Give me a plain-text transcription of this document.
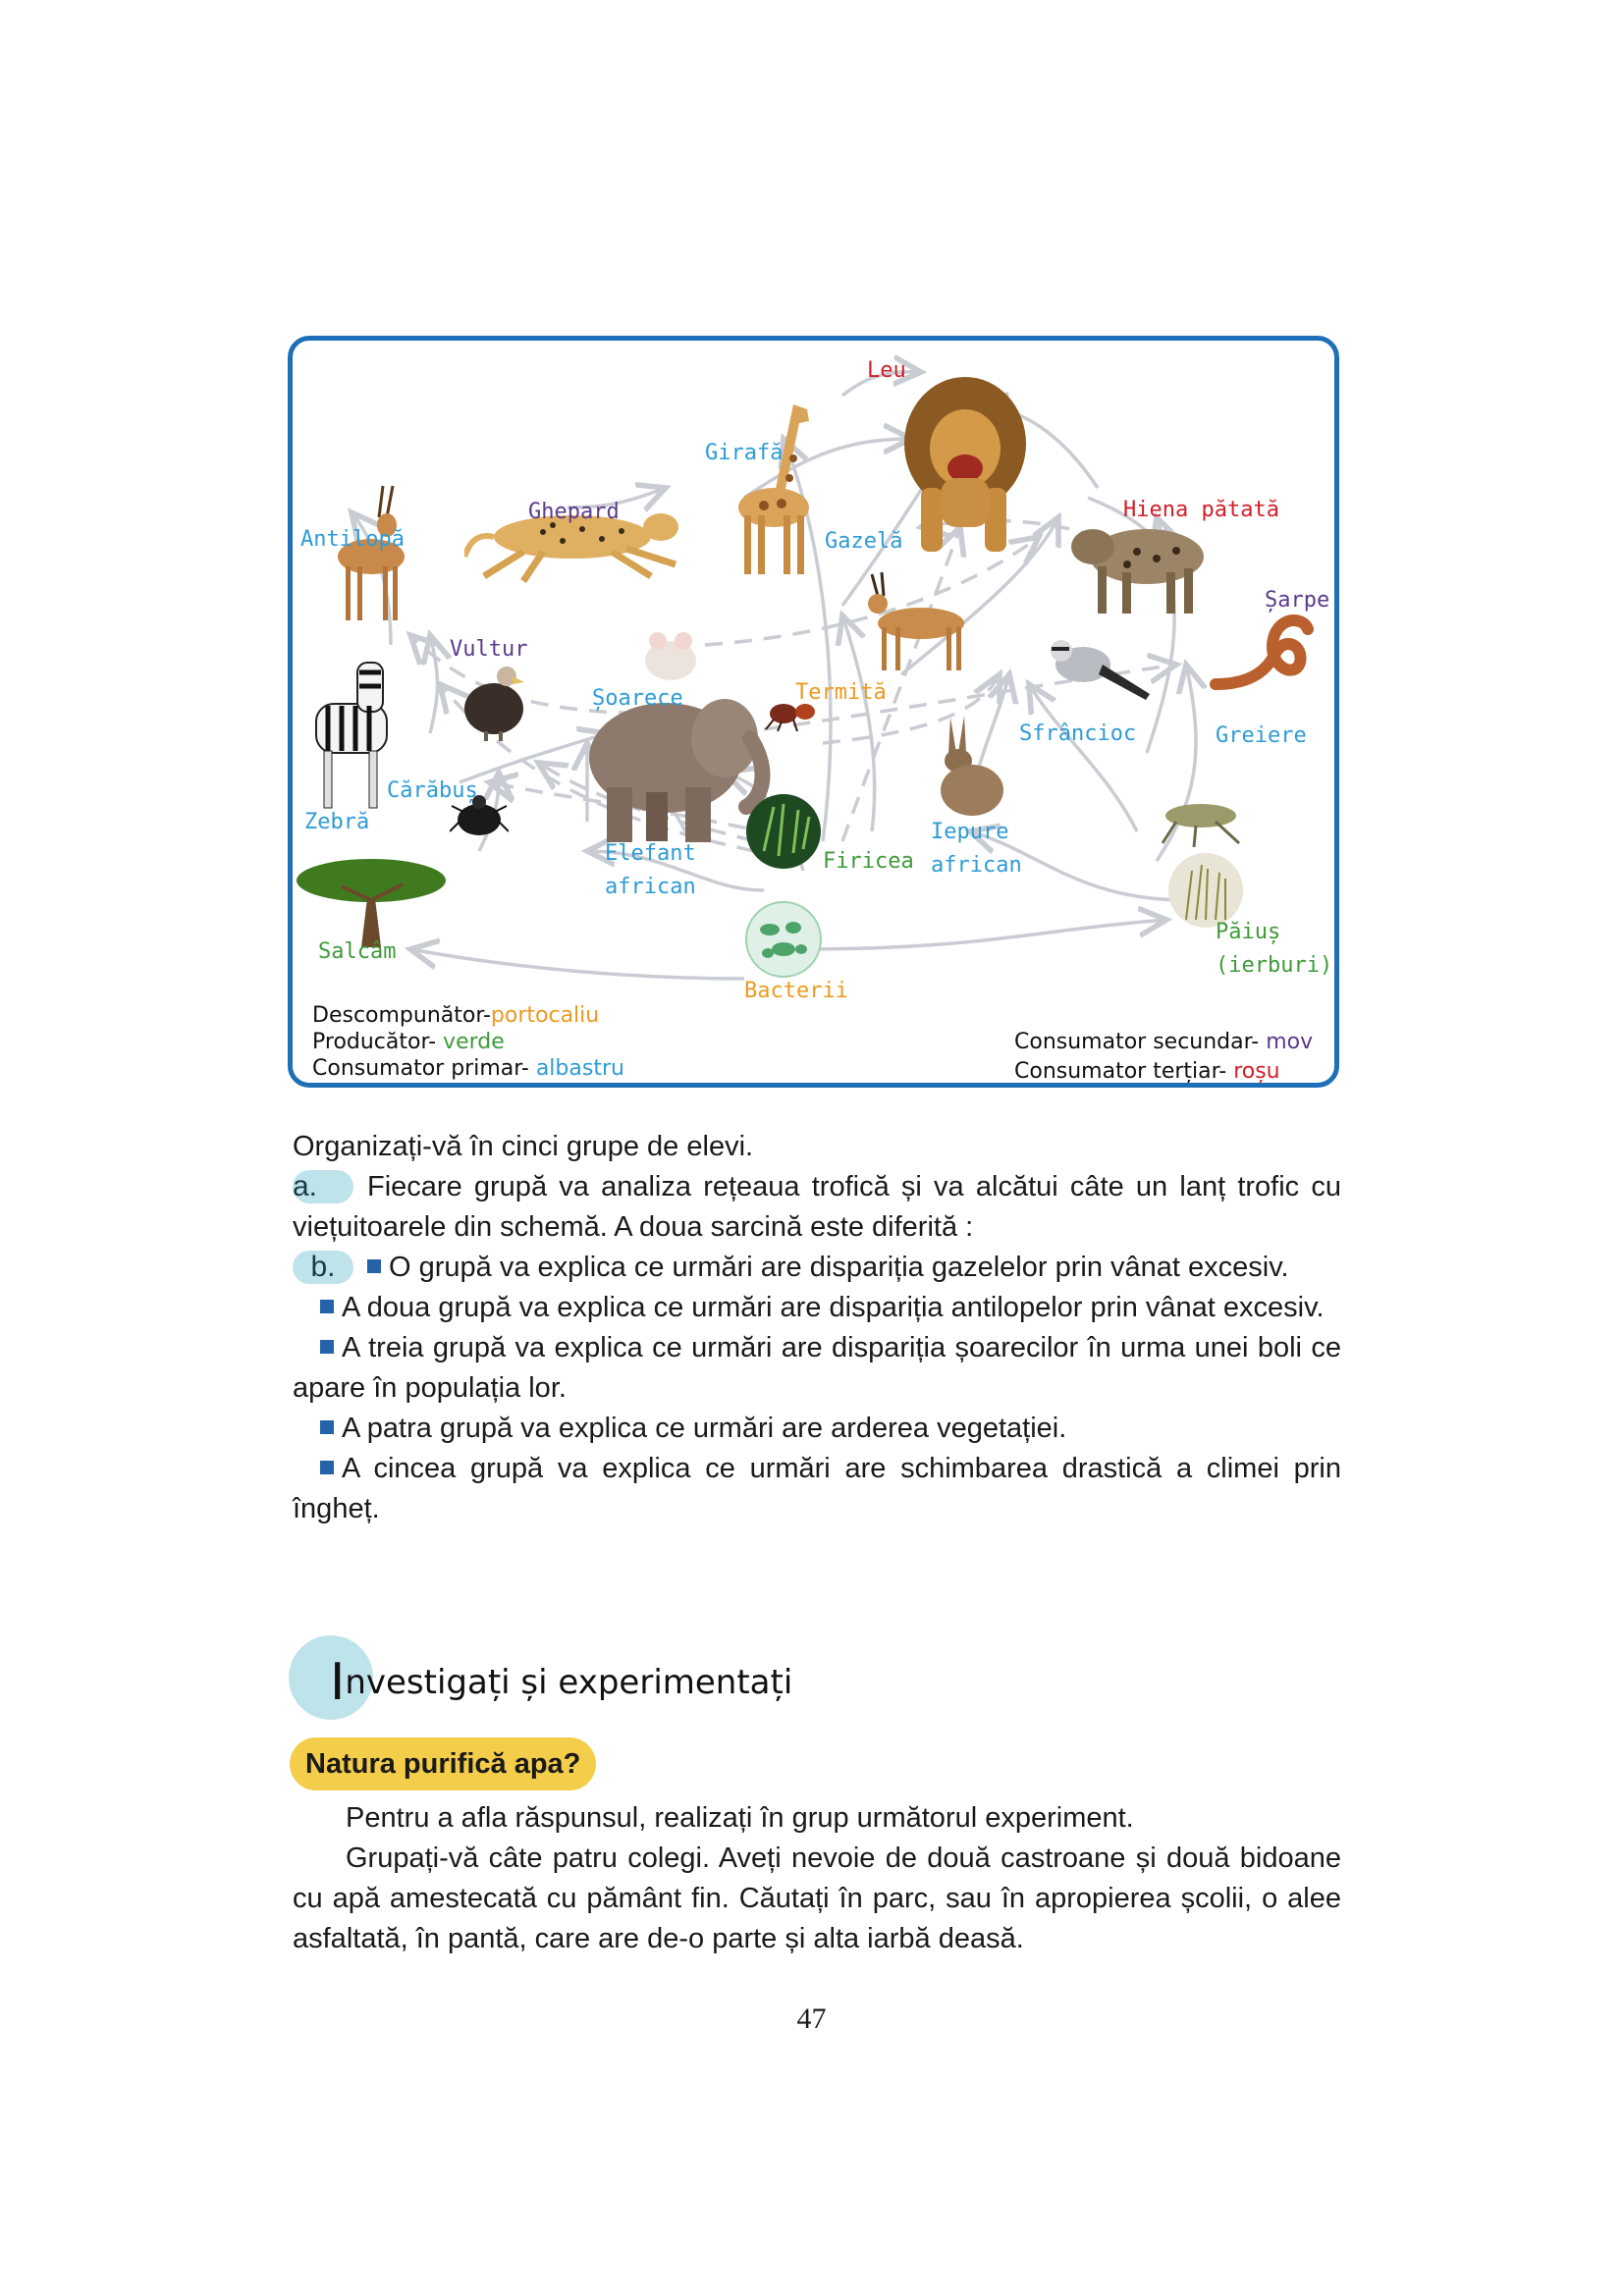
Leu
Girafă
Ghepard
Antilopă	Gazelă
Hiena pătată
Șarpe
Vultur
Șoarece	Termită
Sfrâncioc	Greiere
Zebră
Cărăbuș
Elefant
african
Firicea
Iepure
african
Salcâm
Păiuș
(ierburi)
Bacterii
Descompunător-portocaliu
Producător- verde
Consumator primar- albastru
Consumator secundar- mov
Consumator terțiar- roșu
Organizați-vă în cinci grupe de elevi.
a. Fiecare grupă va analiza rețeaua trofică și va alcătui câte un lanț trofic cu
viețuitoarele din schemă. A doua sarcină este diferită :
b. O grupă va explica ce urmări are dispariția gazelelor prin vânat excesiv.
A doua grupă va explica ce urmări are dispariția antilopelor prin vânat excesiv.
A treia grupă va explica ce urmări are dispariția șoarecilor în urma unei boli ce
apare în populația lor.
A patra grupă va explica ce urmări are arderea vegetației.
A cincea grupă va explica ce urmări are schimbarea drastică a climei prin
îngheț.
Investigați și experimentați
Natura purifică apa?
Pentru a afla răspunsul, realizați în grup următorul experiment.
Grupați-vă câte patru colegi. Aveți nevoie de două castroane și două bidoane
cu apă amestecată cu pământ fin. Căutați în parc, sau în apropierea școlii, o alee
asfaltată, în pantă, care are de-o parte și alta iarbă deasă.
47
